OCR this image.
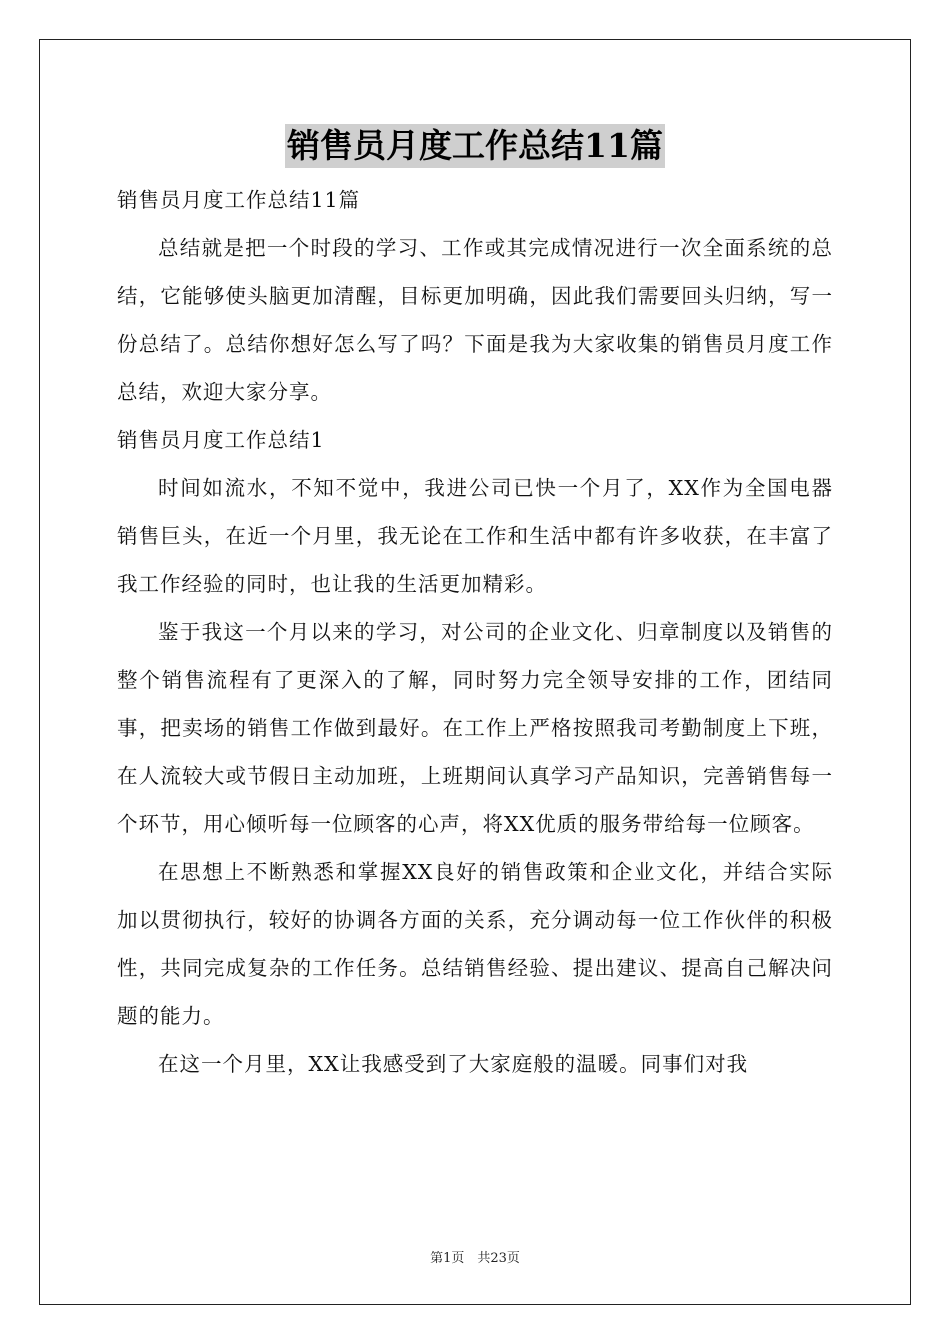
销售员月度工作总结11篇

销售员月度工作总结11篇

总结就是把一个时段的学习、工作或其完成情况进行一次全面系统的总结，它能够使头脑更加清醒，目标更加明确，因此我们需要回头归纳，写一份总结了。总结你想好怎么写了吗？下面是我为大家收集的销售员月度工作总结，欢迎大家分享。

销售员月度工作总结1

时间如流水，不知不觉中，我进公司已快一个月了，XX作为全国电器销售巨头，在近一个月里，我无论在工作和生活中都有许多收获，在丰富了我工作经验的同时，也让我的生活更加精彩。

鉴于我这一个月以来的学习，对公司的企业文化、归章制度以及销售的整个销售流程有了更深入的了解，同时努力完全领导安排的工作，团结同事，把卖场的销售工作做到最好。在工作上严格按照我司考勤制度上下班，在人流较大或节假日主动加班，上班期间认真学习产品知识，完善销售每一个环节，用心倾听每一位顾客的心声，将XX优质的服务带给每一位顾客。

在思想上不断熟悉和掌握XX良好的销售政策和企业文化，并结合实际加以贯彻执行，较好的协调各方面的关系，充分调动每一位工作伙伴的积极性，共同完成复杂的工作任务。总结销售经验、提出建议、提高自己解决问题的能力。

在这一个月里，XX让我感受到了大家庭般的温暖。同事们对我

第1页　共23页
